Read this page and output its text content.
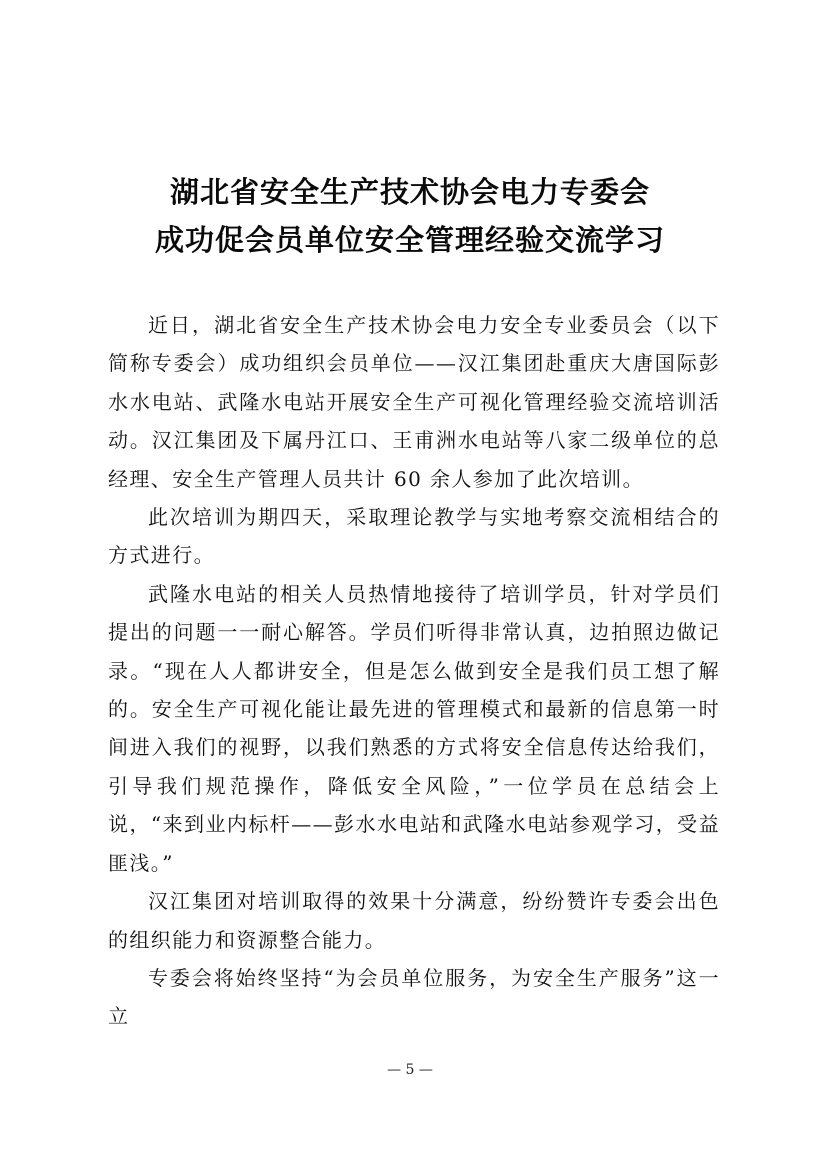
湖北省安全生产技术协会电力专委会
成功促会员单位安全管理经验交流学习

近日，湖北省安全生产技术协会电力安全专业委员会（以下简称专委会）成功组织会员单位——汉江集团赴重庆大唐国际彭水水电站、武隆水电站开展安全生产可视化管理经验交流培训活动。汉江集团及下属丹江口、王甫洲水电站等八家二级单位的总经理、安全生产管理人员共计 60 余人参加了此次培训。

此次培训为期四天，采取理论教学与实地考察交流相结合的方式进行。

武隆水电站的相关人员热情地接待了培训学员，针对学员们提出的问题一一耐心解答。学员们听得非常认真，边拍照边做记录。“现在人人都讲安全，但是怎么做到安全是我们员工想了解的。安全生产可视化能让最先进的管理模式和最新的信息第一时间进入我们的视野，以我们熟悉的方式将安全信息传达给我们，引导我们规范操作，降低安全风险，”一位学员在总结会上说，“来到业内标杆——彭水水电站和武隆水电站参观学习，受益匪浅。”

汉江集团对培训取得的效果十分满意，纷纷赞许专委会出色的组织能力和资源整合能力。

专委会将始终坚持“为会员单位服务，为安全生产服务”这一立

— 5 —
